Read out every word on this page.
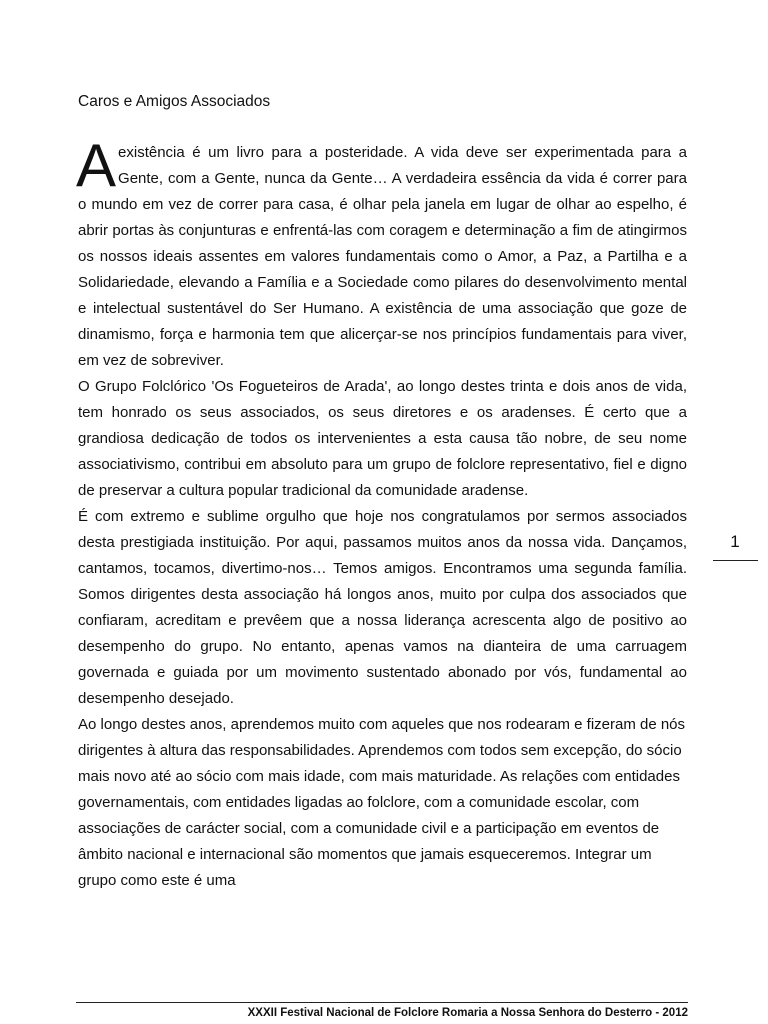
Caros e Amigos Associados

Aexistência é um livro para a posteridade. A vida deve ser experimentada para a Gente, com a Gente, nunca da Gente… A verdadeira essência da vida é correr para o mundo em vez de correr para casa, é olhar pela janela em lugar de olhar ao espelho, é abrir portas às conjunturas e enfrentá-las com coragem e determinação a fim de atingirmos os nossos ideais assentes em valores fundamentais como o Amor, a Paz, a Partilha e a Solidariedade, elevando a Família e a Sociedade como pilares do desenvolvimento mental e intelectual sustentável do Ser Humano. A existência de uma associação que goze de dinamismo, força e harmonia tem que alicerçar-se nos princípios fundamentais para viver, em vez de sobreviver.

O Grupo Folclórico 'Os Fogueteiros de Arada', ao longo destes trinta e dois anos de vida, tem honrado os seus associados, os seus diretores e os aradenses. É certo que a grandiosa dedicação de todos os intervenientes a esta causa tão nobre, de seu nome associativismo, contribui em absoluto para um grupo de folclore representativo, fiel e digno de preservar a cultura popular tradicional da comunidade aradense.

É com extremo e sublime orgulho que hoje nos congratulamos por sermos associados desta prestigiada instituição. Por aqui, passamos muitos anos da nossa vida. Dançamos, cantamos, tocamos, divertimo-nos… Temos amigos. Encontramos uma segunda família. Somos dirigentes desta associação há longos anos, muito por culpa dos associados que confiaram, acreditam e prevêem que a nossa liderança acrescenta algo de positivo ao desempenho do grupo. No entanto, apenas vamos na dianteira de uma carruagem governada e guiada por um movimento sustentado abonado por vós, fundamental ao desempenho desejado.

Ao longo destes anos, aprendemos muito com aqueles que nos rodearam e fizeram de nós dirigentes à altura das responsabilidades. Aprendemos com todos sem excepção, do sócio mais novo até ao sócio com mais idade, com mais maturidade. As relações com entidades governamentais, com entidades ligadas ao folclore, com a comunidade escolar, com associações de carácter social, com a comunidade civil e a participação em eventos de âmbito nacional e internacional são momentos que jamais esqueceremos. Integrar um grupo como este é uma

1
XXXII Festival Nacional de Folclore Romaria a Nossa Senhora do Desterro - 2012
